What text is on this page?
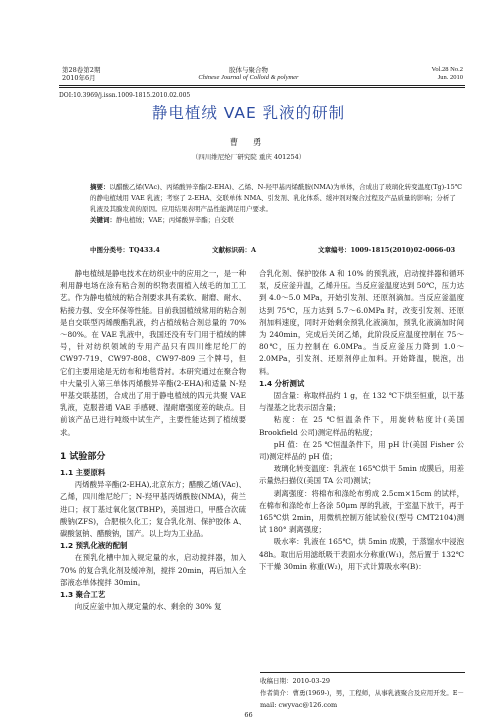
第28卷第2期
2010年6月
胶体与聚合物
Chinese Journal of Colloid & polymer
Vol.28 No.2
Jun. 2010
DOI:10.3969/j.issn.1009-1815.2010.02.005
静电植绒 VAE 乳液的研制
曹 勇
（四川维尼纶厂研究院 重庆 401254）
摘要：以醋酸乙烯(VAc)、丙烯酸异辛酯(2-EHA)、乙烯、N-羟甲基丙烯酰胺(NMA)为单体，合成出了玻璃化转变温度(Tg)-15℃的静电植绒用 VAE 乳液；考察了 2-EHA、交联单体 NMA、引发剂、乳化体系、缓冲剂对聚合过程及产品质量的影响；分析了乳液及其膜发黄的原因。应用结果表明产品性能满足用户要求。
关键词：静电植绒；VAE；丙烯酸异辛酯；自交联
中图分类号：TQ433.4	文献标识码：A	文章编号：1009-1815(2010)02-0066-03

静电植绒是静电技术在纺织业中的应用之一，是一种利用静电场在涂有粘合剂的织物表面植入绒毛的加工工艺。作为静电植绒的粘合剂要求具有柔软、耐磨、耐水、粘接力强、安全环保等性能。目前我国植绒常用的粘合剂是自交联型丙烯酸酯乳液，约占植绒粘合剂总量的 70%～80%。在 VAE 乳液中，我国还没有专门用于植绒的牌号，针对纺织领域的专用产品只有四川维尼纶厂的 CW97-719、CW97-808、CW97-809 三个牌号，但它们主要用途是无纺布和地毯背衬。本研究通过在聚合物中大量引入第三单体丙烯酸异辛酯(2-EHA)和适量 N-羟甲基交联基团，合成出了用于静电植绒的四元共聚 VAE 乳液，克服普通 VAE 手感硬、湿耐磨强度差的缺点。目前该产品已进行吨级中试生产，主要性能达到了植绒要求。

1 试验部分
1.1 主要原料

丙烯酸异辛酯(2-EHA),北京东方；醋酸乙烯(VAc)、乙烯，四川维尼纶厂；N-羟甲基丙烯酰胺(NMA)，荷兰进口；叔丁基过氧化氢(TBHP)，美国进口，甲醛合次硫酸钠(ZFS)，合肥根久化工；复合乳化剂、保护胶体 A、碳酸氢钠、醋酸钠，国产。以上均为工业品。

1.2 预乳化液的配制

在预乳化槽中加入规定量的水，启动搅拌器，加入 70% 的复合乳化剂及缓冲剂，搅拌 20min，再后加入全部液态单体搅拌 30min。

1.3 聚合工艺

向反应釜中加入规定量的水、剩余的 30% 复

合乳化剂、保护胶体 A 和 10% 的预乳液，启动搅拌器和循环泵，反应釜升温，乙烯升压。当反应釜温度达到 50℃，压力达到 4.0～5.0 MPa，开始引发剂、还原剂滴加。当反应釜温度达到 75℃，压力达到 5.7～6.0MPa 时，改变引发剂、还原剂加料速度，同时开始剩余预乳化液滴加，预乳化液滴加时间为 240min，完成后关闭乙烯，此阶段反应温度控制在 75～80℃，压力控制在 6.0MPa。当反应釜压力降到 1.0～2.0MPa，引发剂、还原剂停止加料。开始降温，脱泡，出料。

1.4 分析测试

固含量：称取样品约 1 g，在 132 ℃下烘至恒重，以干基与湿基之比表示固含量；

粘度：在 25 ℃恒温条件下，用旋转粘度计(美国 Brookfield 公司)测定样品的粘度；

pH 值：在 25 ℃恒温条件下，用 pH 计(美国 Fisher 公司)测定样品的 pH 值；

玻璃化转变温度：乳液在 165℃烘干 5min 成膜后，用差示量热扫描仪(美国 TA 公司)测试；

剥离强度：将棉布和涤纶布剪成 2.5cm×15cm 的试样，在棉布和涤纶布上各涂 50μm 厚的乳液，于室温下放干，再于 165℃烘 2min，用微机控制万能试验仪(型号 CMT2104)测试 180° 剥离强度；

吸水率：乳液在 165℃，烘 5min 成膜，于蒸馏水中浸泡 48h。取出后用滤纸吸干表面水分称重(W₁)，然后置于 132℃下干燥 30min 称重(W₂)，用下式计算吸水率(B)：

收稿日期：2010-03-29
作者简介：曹勇(1969-)，男，工程师，从事乳液聚合及应用开发。E－mail: cwyvac@126.com
66
